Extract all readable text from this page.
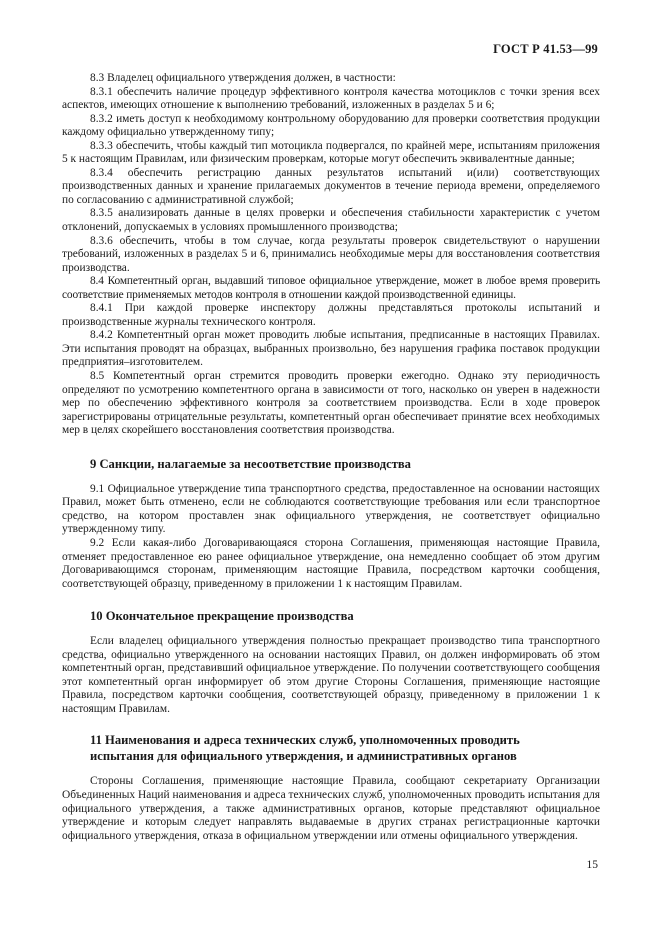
ГОСТ Р 41.53—99

8.3 Владелец официального утверждения должен, в частности:

8.3.1 обеспечить наличие процедур эффективного контроля качества мотоциклов с точки зрения всех аспектов, имеющих отношение к выполнению требований, изложенных в разделах 5 и 6;

8.3.2 иметь доступ к необходимому контрольному оборудованию для проверки соответствия продукции каждому официально утвержденному типу;

8.3.3 обеспечить, чтобы каждый тип мотоцикла подвергался, по крайней мере, испытаниям приложения 5 к настоящим Правилам, или физическим проверкам, которые могут обеспечить эквивалентные данные;

8.3.4 обеспечить регистрацию данных результатов испытаний и(или) соответствующих производственных данных и хранение прилагаемых документов в течение периода времени, определяемого по согласованию с административной службой;

8.3.5 анализировать данные в целях проверки и обеспечения стабильности характеристик с учетом отклонений, допускаемых в условиях промышленного производства;

8.3.6 обеспечить, чтобы в том случае, когда результаты проверок свидетельствуют о нарушении требований, изложенных в разделах 5 и 6, принимались необходимые меры для восстановления соответствия производства.

8.4 Компетентный орган, выдавший типовое официальное утверждение, может в любое время проверить соответствие применяемых методов контроля в отношении каждой производственной единицы.

8.4.1 При каждой проверке инспектору должны представляться протоколы испытаний и производственные журналы технического контроля.

8.4.2 Компетентный орган может проводить любые испытания, предписанные в настоящих Правилах. Эти испытания проводят на образцах, выбранных произвольно, без нарушения графика поставок продукции предприятия–изготовителем.

8.5 Компетентный орган стремится проводить проверки ежегодно. Однако эту периодичность определяют по усмотрению компетентного органа в зависимости от того, насколько он уверен в надежности мер по обеспечению эффективного контроля за соответствием производства. Если в ходе проверок зарегистрированы отрицательные результаты, компетентный орган обеспечивает принятие всех необходимых мер в целях скорейшего восстановления соответствия производства.

9 Санкции, налагаемые за несоответствие производства

9.1 Официальное утверждение типа транспортного средства, предоставленное на основании настоящих Правил, может быть отменено, если не соблюдаются соответствующие требования или если транспортное средство, на котором проставлен знак официального утверждения, не соответствует официально утвержденному типу.

9.2 Если какая-либо Договаривающаяся сторона Соглашения, применяющая настоящие Правила, отменяет предоставленное ею ранее официальное утверждение, она немедленно сообщает об этом другим Договаривающимся сторонам, применяющим настоящие Правила, посредством карточки сообщения, соответствующей образцу, приведенному в приложении 1 к настоящим Правилам.

10 Окончательное прекращение производства

Если владелец официального утверждения полностью прекращает производство типа транспортного средства, официально утвержденного на основании настоящих Правил, он должен информировать об этом компетентный орган, представивший официальное утверждение. По получении соответствующего сообщения этот компетентный орган информирует об этом другие Стороны Соглашения, применяющие настоящие Правила, посредством карточки сообщения, соответствующей образцу, приведенному в приложении 1 к настоящим Правилам.

11 Наименования и адреса технических служб, уполномоченных проводить
испытания для официального утверждения, и административных органов

Стороны Соглашения, применяющие настоящие Правила, сообщают секретариату Организации Объединенных Наций наименования и адреса технических служб, уполномоченных проводить испытания для официального утверждения, а также административных органов, которые представляют официальное утверждение и которым следует направлять выдаваемые в других странах регистрационные карточки официального утверждения, отказа в официальном утверждении или отмены официального утверждения.

15
